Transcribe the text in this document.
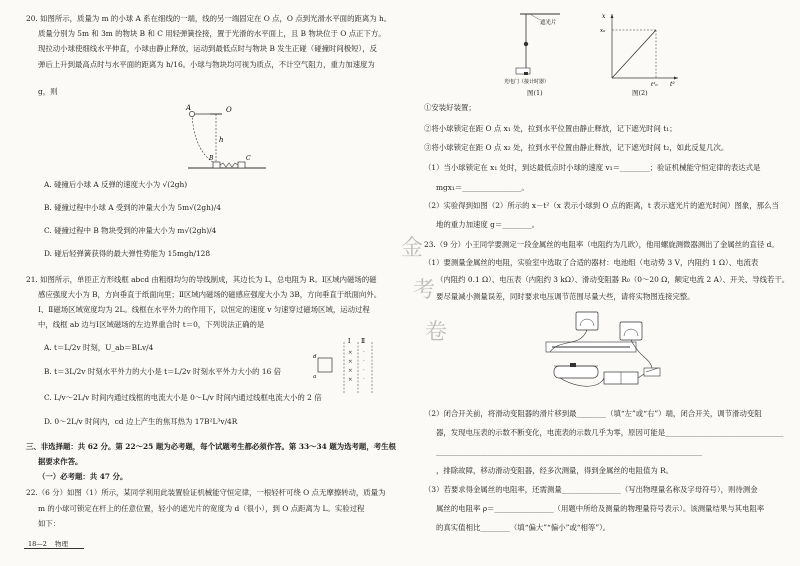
20. 如图所示，质量为 m 的小球 A 系在细线的一端，线的另一端固定在 O 点，O 点到光滑水平面的距离为 h。
质量分别为 5m 和 3m 的物块 B 和 C 用轻弹簧拴接，置于光滑的水平面上，且 B 物块位于 O 点正下方。
现拉动小球使细线水平伸直，小球由静止释放，运动到最低点时与物块 B 发生正碰（碰撞时间极短），反
弹后上升到最高点时与水平面的距离为 h/16。小球与物块均可视为质点，不计空气阻力，重力加速度为
g，则
A	O
h
B	C
A. 碰撞后小球 A 反弹的速度大小为 √(2gh)
B. 碰撞过程中小球 A 受到的冲量大小为 5m√(2gh)/4
C. 碰撞过程中 B 物块受到的冲量大小为 m√(2gh)/4
D. 碰后轻弹簧获得的最大弹性势能为 15mgh/128
21. 如图所示，单匝正方形线框 abcd 由粗细均匀的导线制成，其边长为 L，总电阻为 R。Ⅰ区域内磁场的磁
感应强度大小为 B，方向垂直于纸面向里；Ⅱ区域内磁场的磁感应强度大小为 3B，方向垂直于纸面向外。
Ⅰ、Ⅱ磁场区域宽度均为 2L。线框在水平外力的作用下，以恒定的速度 v 匀速穿过磁场区域，运动过程
中，线框 ab 边与Ⅰ区域磁场的左边界重合时 t＝0，下列说法正确的是
A. t＝L/2v 时刻，U_ab＝BLv/4
B. t＝3L/2v 时刻水平外力的大小是 t＝L/2v 时刻水平外力大小的 16 倍
C. L/v～2L/v 时间内通过线框的电流大小是 0～L/v 时间内通过线框电流大小的 2 倍
D. 0～2L/v 时间内，cd 边上产生的焦耳热为 17B²L³v/4R
×
×
×
×
·
·
·
·
Ⅰ Ⅱ
d
a
三、非选择题：共 62 分。第 22～25 题为必考题，每个试题考生都必须作答。第 33～34 题为选考题，考生根
据要求作答。
（一）必考题：共 47 分。
22.（6 分）如图（1）所示，某同学利用此装置验证机械能守恒定律，一根轻杆可绕 O 点无摩擦转动，质量为
m 的小球可锁定在杆上的任意位置，轻小的遮光片的宽度为 d（很小），到 O 点距离为 L。实验过程
如下：
18—2 物理
金
考
卷
遮光片
光电门（接计时器）
图(1)
x
t²
t²₀
x₀
图(2)
①安装好装置；
②将小球锁定在距 O 点 x₁ 处，拉到水平位置由静止释放，记下遮光时间 t₁；
③将小球锁定在距 O 点 x₂ 处，拉到水平位置由静止释放，记下遮光时间 t₂，如此反复几次。
（1）当小球锁定在 x₁ 处时，到达最低点时小球的速度 v₁＝________；验证机械能守恒定律的表达式是
mgx₁＝________________。
（2）实验得到如图（2）所示的 x－t²（x 表示小球到 O 点的距离，t 表示遮光片的遮光时间）图象，那么当
地的重力加速度 g＝________。
23.（9 分）小王同学要测定一段金属丝的电阻率（电阻约为几欧），他用螺旋测微器测出了金属丝的直径 d。
（1）要测量金属丝的电阻，实验室中选取了合适的器材：电池组（电动势 3 V，内阻约 1 Ω）、电流表
（内阻约 0.1 Ω）、电压表（内阻约 3 kΩ）、滑动变阻器 R₀（0～20 Ω，额定电流 2 A）、开关、导线若干。
要尽量减小测量误差，同时要求电压调节范围尽量大些，请将实物图连接完整。
（2）闭合开关前，将滑动变阻器的滑片移到最________（填“左”或“右”）端，闭合开关，调节滑动变阻
器，发现电压表的示数不断变化，电流表的示数几乎为零，原因可能是________________________________
________________________________________________________________________
，排除故障，移动滑动变阻器，经多次测量，得到金属丝的电阻值为 R。
（3）若要求得金属丝的电阻率，还需测量________________（写出物理量名称及字母符号），则待测金
属丝的电阻率 ρ＝________________（用题中所给及测量的物理量符号表示）。该测量结果与其电阻率
的真实值相比________（填“偏大”“偏小”或“相等”）。
